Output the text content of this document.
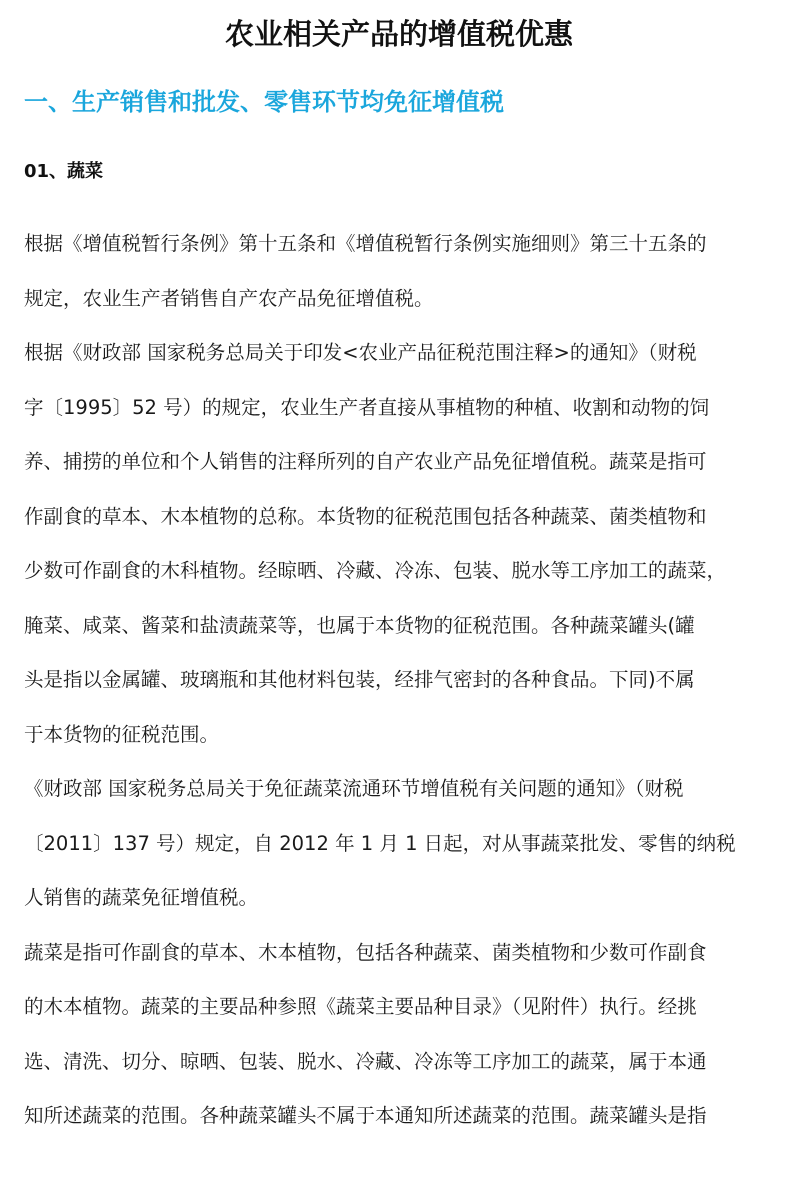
农业相关产品的增值税优惠
一、生产销售和批发、零售环节均免征增值税
01、蔬菜
根据《增值税暂行条例》第十五条和《增值税暂行条例实施细则》第三十五条的
规定，农业生产者销售自产农产品免征增值税。
根据《财政部 国家税务总局关于印发<农业产品征税范围注释>的通知》（财税
字〔1995〕52 号）的规定，农业生产者直接从事植物的种植、收割和动物的饲
养、捕捞的单位和个人销售的注释所列的自产农业产品免征增值税。蔬菜是指可
作副食的草本、木本植物的总称。本货物的征税范围包括各种蔬菜、菌类植物和
少数可作副食的木科植物。经晾晒、冷藏、冷冻、包装、脱水等工序加工的蔬菜，
腌菜、咸菜、酱菜和盐渍蔬菜等，也属于本货物的征税范围。各种蔬菜罐头(罐
头是指以金属罐、玻璃瓶和其他材料包装，经排气密封的各种食品。下同)不属
于本货物的征税范围。
《财政部 国家税务总局关于免征蔬菜流通环节增值税有关问题的通知》（财税
〔2011〕137 号）规定，自 2012 年 1 月 1 日起，对从事蔬菜批发、零售的纳税
人销售的蔬菜免征增值税。
蔬菜是指可作副食的草本、木本植物，包括各种蔬菜、菌类植物和少数可作副食
的木本植物。蔬菜的主要品种参照《蔬菜主要品种目录》（见附件）执行。经挑
选、清洗、切分、晾晒、包装、脱水、冷藏、冷冻等工序加工的蔬菜，属于本通
知所述蔬菜的范围。各种蔬菜罐头不属于本通知所述蔬菜的范围。蔬菜罐头是指
